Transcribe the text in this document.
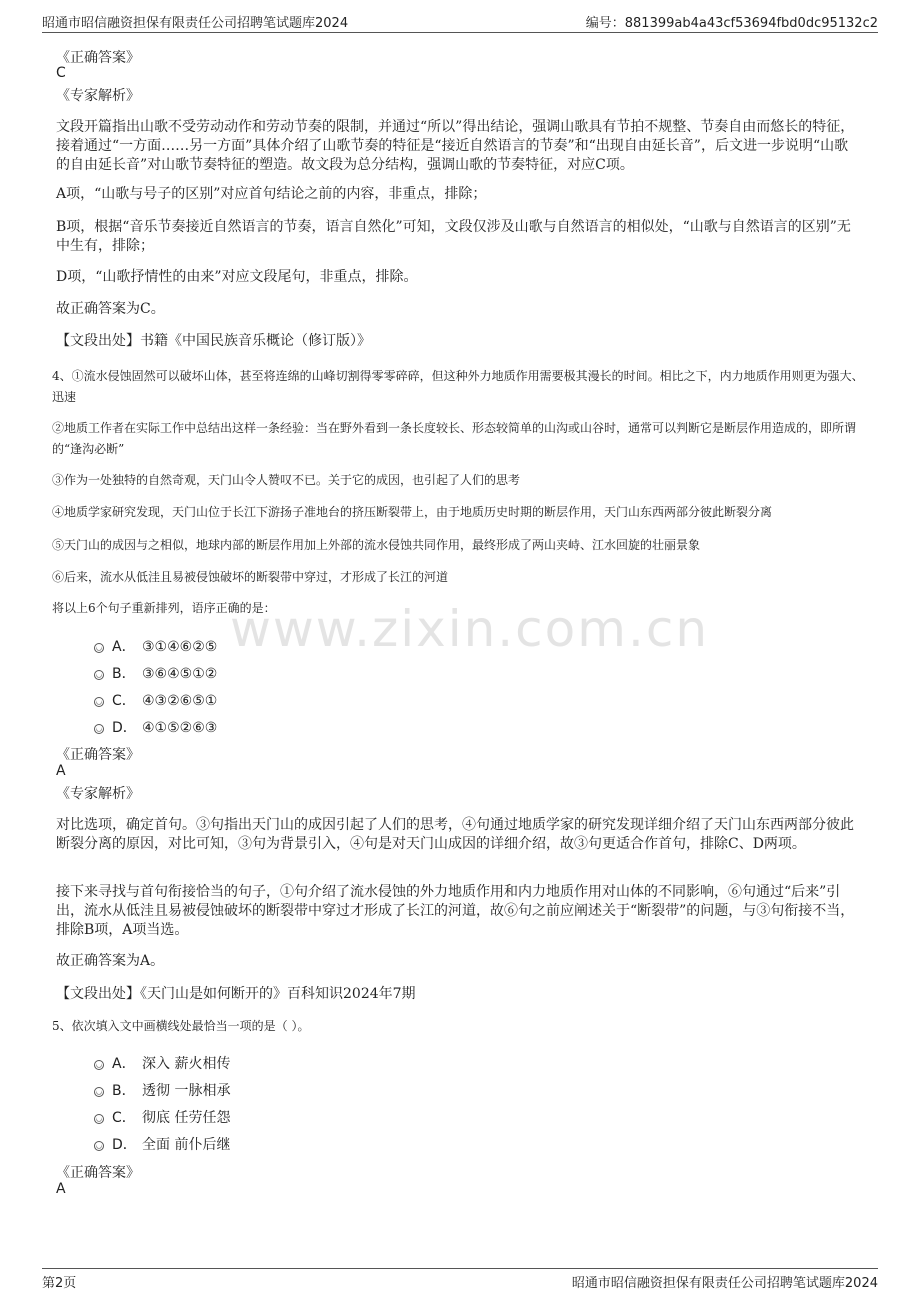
www.zixin.com.cn
昭通市昭信融资担保有限责任公司招聘笔试题库2024	编号：881399ab4a43cf53694fbd0dc95132c2
《正确答案》
C
《专家解析》
文段开篇指出山歌不受劳动动作和劳动节奏的限制，并通过“所以”得出结论，强调山歌具有节拍不规整、节奏自由而悠长的特征，接着通过“一方面……另一方面”具体介绍了山歌节奏的特征是“接近自然语言的节奏”和“出现自由延长音”，后文进一步说明“山歌的自由延长音”对山歌节奏特征的塑造。故文段为总分结构，强调山歌的节奏特征，对应C项。
A项，“山歌与号子的区别”对应首句结论之前的内容，非重点，排除；
B项，根据“音乐节奏接近自然语言的节奏，语言自然化”可知，文段仅涉及山歌与自然语言的相似处，“山歌与自然语言的区别”无中生有，排除；
D项，“山歌抒情性的由来”对应文段尾句，非重点，排除。
故正确答案为C。
【文段出处】书籍《中国民族音乐概论（修订版）》
4、①流水侵蚀固然可以破坏山体，甚至将连绵的山峰切割得零零碎碎，但这种外力地质作用需要极其漫长的时间。相比之下，内力地质作用则更为强大、迅速
②地质工作者在实际工作中总结出这样一条经验：当在野外看到一条长度较长、形态较简单的山沟或山谷时，通常可以判断它是断层作用造成的，即所谓的“逢沟必断”
③作为一处独特的自然奇观，天门山令人赞叹不已。关于它的成因，也引起了人们的思考
④地质学家研究发现，天门山位于长江下游扬子准地台的挤压断裂带上，由于地质历史时期的断层作用，天门山东西两部分彼此断裂分离
⑤天门山的成因与之相似，地球内部的断层作用加上外部的流水侵蚀共同作用，最终形成了两山夹峙、江水回旋的壮丽景象
⑥后来，流水从低洼且易被侵蚀破坏的断裂带中穿过，才形成了长江的河道
将以上6个句子重新排列，语序正确的是：
A． ③①④⑥②⑤
B． ③⑥④⑤①②
C． ④③②⑥⑤①
D． ④①⑤②⑥③
《正确答案》
A
《专家解析》
对比选项，确定首句。③句指出天门山的成因引起了人们的思考，④句通过地质学家的研究发现详细介绍了天门山东西两部分彼此断裂分离的原因，对比可知，③句为背景引入，④句是对天门山成因的详细介绍，故③句更适合作首句，排除C、D两项。
接下来寻找与首句衔接恰当的句子，①句介绍了流水侵蚀的外力地质作用和内力地质作用对山体的不同影响，⑥句通过“后来”引出，流水从低洼且易被侵蚀破坏的断裂带中穿过才形成了长江的河道，故⑥句之前应阐述关于“断裂带”的问题，与③句衔接不当，排除B项，A项当选。
故正确答案为A。
【文段出处】《天门山是如何断开的》百科知识2024年7期
5、依次填入文中画横线处最恰当一项的是（ ）。
A． 深入 薪火相传
B． 透彻 一脉相承
C． 彻底 任劳任怨
D． 全面 前仆后继
《正确答案》
A
第2页	昭通市昭信融资担保有限责任公司招聘笔试题库2024
